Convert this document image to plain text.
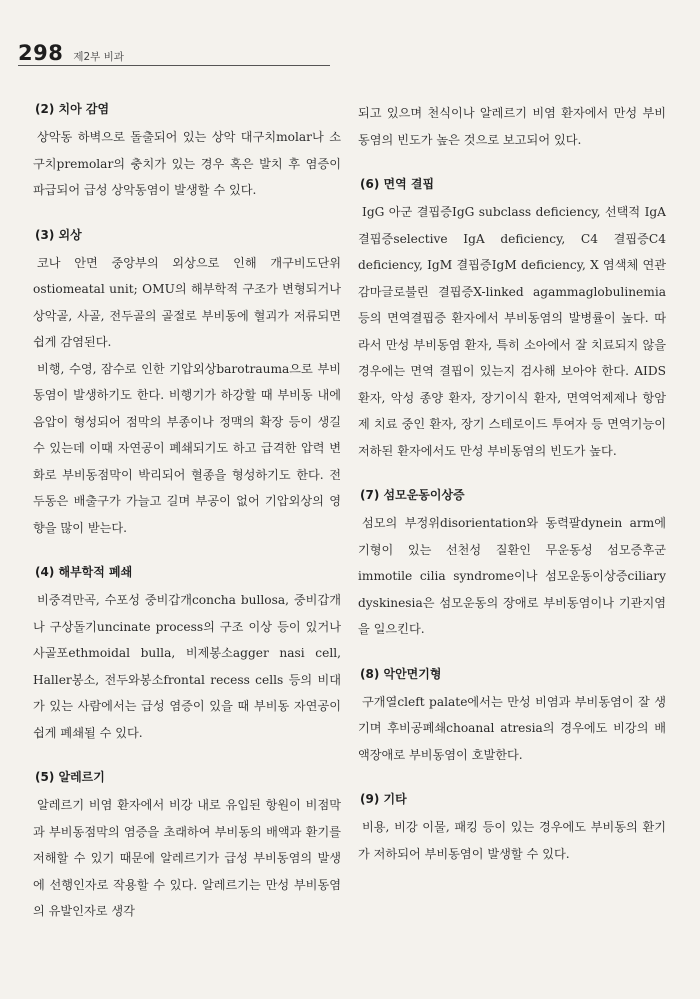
298 제2부 비과
(2) 치아 감염

상악동 하벽으로 돌출되어 있는 상악 대구치molar나 소구치premolar의 충치가 있는 경우 혹은 발치 후 염증이 파급되어 급성 상악동염이 발생할 수 있다.

(3) 외상

코나 안면 중앙부의 외상으로 인해 개구비도단위ostiomeatal unit; OMU의 해부학적 구조가 변형되거나 상악골, 사골, 전두골의 골절로 부비동에 혈괴가 저류되면 쉽게 감염된다.

비행, 수영, 잠수로 인한 기압외상barotrauma으로 부비동염이 발생하기도 한다. 비행기가 하강할 때 부비동 내에 음압이 형성되어 점막의 부종이나 정맥의 확장 등이 생길 수 있는데 이때 자연공이 폐쇄되기도 하고 급격한 압력 변화로 부비동점막이 박리되어 혈종을 형성하기도 한다. 전두동은 배출구가 가늘고 길며 부공이 없어 기압외상의 영향을 많이 받는다.

(4) 해부학적 폐쇄

비중격만곡, 수포성 중비갑개concha bullosa, 중비갑개나 구상돌기uncinate process의 구조 이상 등이 있거나 사골포ethmoidal bulla, 비제봉소agger nasi cell, Haller봉소, 전두와봉소frontal recess cells 등의 비대가 있는 사람에서는 급성 염증이 있을 때 부비동 자연공이 쉽게 폐쇄될 수 있다.

(5) 알레르기

알레르기 비염 환자에서 비강 내로 유입된 항원이 비점막과 부비동점막의 염증을 초래하여 부비동의 배액과 환기를 저해할 수 있기 때문에 알레르기가 급성 부비동염의 발생에 선행인자로 작용할 수 있다. 알레르기는 만성 부비동염의 유발인자로 생각

되고 있으며 천식이나 알레르기 비염 환자에서 만성 부비동염의 빈도가 높은 것으로 보고되어 있다.

(6) 면역 결핍

IgG 아군 결핍증IgG subclass deficiency, 선택적 IgA 결핍증selective IgA deficiency, C4 결핍증C4 deficiency, IgM 결핍증IgM deficiency, X 염색체 연관 감마글로불린 결핍증X-linked agammaglobulinemia 등의 면역결핍증 환자에서 부비동염의 발병률이 높다. 따라서 만성 부비동염 환자, 특히 소아에서 잘 치료되지 않을 경우에는 면역 결핍이 있는지 검사해 보아야 한다. AIDS 환자, 악성 종양 환자, 장기이식 환자, 면역억제제나 항암제 치료 중인 환자, 장기 스테로이드 투여자 등 면역기능이 저하된 환자에서도 만성 부비동염의 빈도가 높다.

(7) 섬모운동이상증

섬모의 부정위disorientation와 동력팔dynein arm에 기형이 있는 선천성 질환인 무운동성 섬모증후군immotile cilia syndrome이나 섬모운동이상증ciliary dyskinesia은 섬모운동의 장애로 부비동염이나 기관지염을 일으킨다.

(8) 악안면기형

구개열cleft palate에서는 만성 비염과 부비동염이 잘 생기며 후비공폐쇄choanal atresia의 경우에도 비강의 배액장애로 부비동염이 호발한다.

(9) 기타

비용, 비강 이물, 패킹 등이 있는 경우에도 부비동의 환기가 저하되어 부비동염이 발생할 수 있다.
